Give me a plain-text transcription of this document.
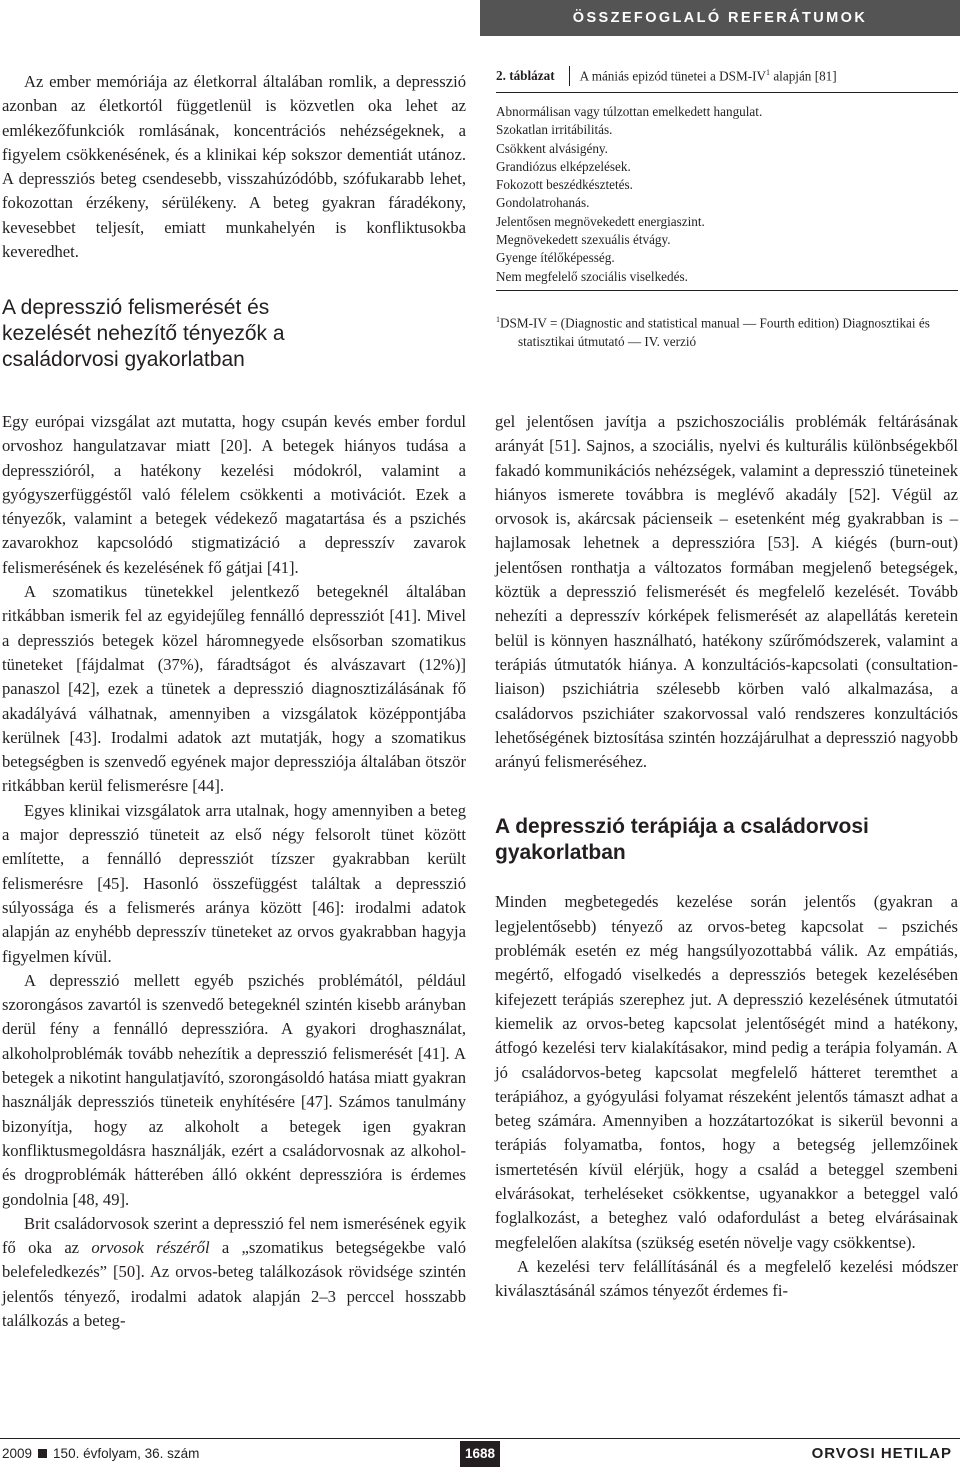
ÖSSZEFOGLALÓ REFERÁTUMOK

Az ember memóriája az életkorral általában romlik, a depresszió azonban az életkortól függetlenül is közvetlen oka lehet az emlékezőfunkciók romlásának, koncentrációs nehézségeknek, a figyelem csökkenésének, és a klinikai kép sokszor dementiát utánoz. A depressziós beteg csendesebb, visszahúzódóbb, szófukarabb lehet, fokozottan érzékeny, sérülékeny. A beteg gyakran fáradékony, kevesebbet teljesít, emiatt munkahelyén is konfliktusokba keveredhet.

A depresszió felismerését és kezelését nehezítő tényezők a családorvosi gyakorlatban
2. táblázat	A mániás epizód tünetei a DSM-$IV^1$ alapján [81]
Abnormálisan vagy túlzottan emelkedett hangulat.
Szokatlan irritábilitás.
Csökkent alvásigény.
Grandiózus elképzelések.
Fokozott beszédkésztetés.
Gondolatrohanás.
Jelentősen megnövekedett energiaszint.
Megnövekedett szexuális étvágy.
Gyenge ítélőképesség.
Nem megfelelő szociális viselkedés.
$^1$DSM-IV = (Diagnostic and statistical manual — Fourth edition) Diagnosztikai és statisztikai útmutató — IV. verzió

Egy európai vizsgálat azt mutatta, hogy csupán kevés ember fordul orvoshoz hangulatzavar miatt [20]. A betegek hiányos tudása a depresszióról, a hatékony kezelési módokról, valamint a gyógyszerfüggéstől való félelem csökkenti a motivációt. Ezek a tényezők, valamint a betegek védekező magatartása és a pszichés zavarokhoz kapcsolódó stigmatizáció a depresszív zavarok felismerésének és kezelésének fő gátjai [41].

A szomatikus tünetekkel jelentkező betegeknél általában ritkábban ismerik fel az egyidejűleg fennálló depressziót [41]. Mivel a depressziós betegek közel háromnegyede elsősorban szomatikus tüneteket [fájdalmat (37%), fáradtságot és alvászavart (12%)] panaszol [42], ezek a tünetek a depresszió diagnosztizálásának fő akadályává válhatnak, amennyiben a vizsgálatok középpontjába kerülnek [43]. Irodalmi adatok azt mutatják, hogy a szomatikus betegségben is szenvedő egyének major depressziója általában ötször ritkábban kerül felismerésre [44].

Egyes klinikai vizsgálatok arra utalnak, hogy amennyiben a beteg a major depresszió tüneteit az első négy felsorolt tünet között említette, a fennálló depressziót tízszer gyakrabban került felismerésre [45]. Hasonló összefüggést találtak a depresszió súlyossága és a felismerés aránya között [46]: irodalmi adatok alapján az enyhébb depresszív tüneteket az orvos gyakrabban hagyja figyelmen kívül.

A depresszió mellett egyéb pszichés problémától, például szorongásos zavartól is szenvedő betegeknél szintén kisebb arányban derül fény a fennálló depresszióra. A gyakori droghasználat, alkoholproblémák tovább nehezítik a depresszió felismerését [41]. A betegek a nikotint hangulatjavító, szorongásoldó hatása miatt gyakran használják depressziós tüneteik enyhítésére [47]. Számos tanulmány bizonyítja, hogy az alkoholt a betegek igen gyakran konfliktusmegoldásra használják, ezért a családorvosnak az alkohol- és drogproblémák hátterében álló okként depresszióra is érdemes gondolnia [48, 49].

Brit családorvosok szerint a depresszió fel nem ismerésének egyik fő oka az orvosok részéről a „szomatikus betegségekbe való belefeledkezés” [50]. Az orvos-beteg találkozások rövidsége szintén jelentős tényező, irodalmi adatok alapján 2–3 perccel hosszabb találkozás a beteg-

gel jelentősen javítja a pszichoszociális problémák feltárásának arányát [51]. Sajnos, a szociális, nyelvi és kulturális különbségekből fakadó kommunikációs nehézségek, valamint a depresszió tüneteinek hiányos ismerete továbbra is meglévő akadály [52]. Végül az orvosok is, akárcsak pácienseik – esetenként még gyakrabban is – hajlamosak lehetnek a depresszióra [53]. A kiégés (burn-out) jelentősen ronthatja a változatos formában megjelenő betegségek, köztük a depresszió felismerését és megfelelő kezelését. Tovább nehezíti a depresszív kórképek felismerését az alapellátás keretein belül is könnyen használható, hatékony szűrőmódszerek, valamint a terápiás útmutatók hiánya. A konzultációs-kapcsolati (consultation-liaison) pszichiátria szélesebb körben való alkalmazása, a családorvos pszichiáter szakorvossal való rendszeres konzultációs lehetőségének biztosítása szintén hozzájárulhat a depresszió nagyobb arányú felismeréséhez.

A depresszió terápiája a családorvosi gyakorlatban

Minden megbetegedés kezelése során jelentős (gyakran a legjelentősebb) tényező az orvos-beteg kapcsolat – pszichés problémák esetén ez még hangsúlyozottabbá válik. Az empátiás, megértő, elfogadó viselkedés a depressziós betegek kezelésében kifejezett terápiás szerephez jut. A depresszió kezelésének útmutatói kiemelik az orvos-beteg kapcsolat jelentőségét mind a hatékony, átfogó kezelési terv kialakításakor, mind pedig a terápia folyamán. A jó családorvos-beteg kapcsolat megfelelő hátteret teremthet a terápiához, a gyógyulási folyamat részeként jelentős támaszt adhat a beteg számára. Amennyiben a hozzátartozókat is sikerül bevonni a terápiás folyamatba, fontos, hogy a betegség jellemzőinek ismertetésén kívül elérjük, hogy a család a beteggel szembeni elvárásokat, terheléseket csökkentse, ugyanakkor a beteggel való foglalkozást, a beteghez való odafordulást a beteg elvárásainak megfelelően alakítsa (szükség esetén növelje vagy csökkentse).

A kezelési terv felállításánál és a megfelelő kezelési módszer kiválasztásánál számos tényezőt érdemes fi-

2009 150. évfolyam, 36. szám	1688	ORVOSI HETILAP
